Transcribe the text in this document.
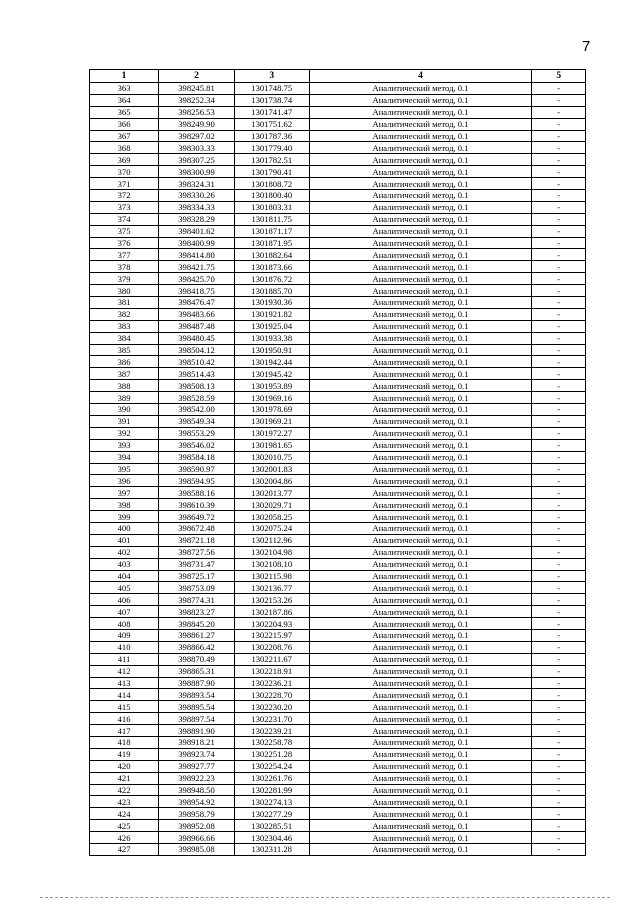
7
1	2	3	4	5
363	398245.81	1301748.75	Аналитический метод, 0.1	-
364	398252.34	1301738.74	Аналитический метод, 0.1	-
365	398256.53	1301741.47	Аналитический метод, 0.1	-
366	398249.90	1301751.62	Аналитический метод, 0.1	-
367	398297.02	1301787.36	Аналитический метод, 0.1	-
368	398303.33	1301779.40	Аналитический метод, 0.1	-
369	398307.25	1301782.51	Аналитический метод, 0.1	-
370	398300.99	1301790.41	Аналитический метод, 0.1	-
371	398324.31	1301808.72	Аналитический метод, 0.1	-
372	398330.26	1301800.40	Аналитический метод, 0.1	-
373	398334.33	1301803.31	Аналитический метод, 0.1	-
374	398328.29	1301811.75	Аналитический метод, 0.1	-
375	398401.62	1301871.17	Аналитический метод, 0.1	-
376	398400.99	1301871.95	Аналитический метод, 0.1	-
377	398414.80	1301882.64	Аналитический метод, 0.1	-
378	398421.75	1301873.66	Аналитический метод, 0.1	-
379	398425.70	1301876.72	Аналитический метод, 0.1	-
380	398418.75	1301885.70	Аналитический метод, 0.1	-
381	398476.47	1301930.36	Аналитический метод, 0.1	-
382	398483.66	1301921.82	Аналитический метод, 0.1	-
383	398487.48	1301925.04	Аналитический метод, 0.1	-
384	398480.45	1301933.38	Аналитический метод, 0.1	-
385	398504.12	1301950.91	Аналитический метод, 0.1	-
386	398510.42	1301942.44	Аналитический метод, 0.1	-
387	398514.43	1301945.42	Аналитический метод, 0.1	-
388	398508.13	1301953.89	Аналитический метод, 0.1	-
389	398528.59	1301969.16	Аналитический метод, 0.1	-
390	398542.00	1301978.69	Аналитический метод, 0.1	-
391	398549.34	1301969.21	Аналитический метод, 0.1	-
392	398553.29	1301972.27	Аналитический метод, 0.1	-
393	398546.02	1301981.65	Аналитический метод, 0.1	-
394	398584.18	1302010.75	Аналитический метод, 0.1	-
395	398590.97	1302001.83	Аналитический метод, 0.1	-
396	398594.95	1302004.86	Аналитический метод, 0.1	-
397	398588.16	1302013.77	Аналитический метод, 0.1	-
398	398610.39	1302029.71	Аналитический метод, 0.1	-
399	398649.72	1302058.25	Аналитический метод, 0.1	-
400	398672.48	1302075.24	Аналитический метод, 0.1	-
401	398721.18	1302112.96	Аналитический метод, 0.1	-
402	398727.56	1302104.98	Аналитический метод, 0.1	-
403	398731.47	1302108.10	Аналитический метод, 0.1	-
404	398725.17	1302115.98	Аналитический метод, 0.1	-
405	398753.09	1302136.77	Аналитический метод, 0.1	-
406	398774.31	1302153.26	Аналитический метод, 0.1	-
407	398823.27	1302187.86	Аналитический метод, 0.1	-
408	398845.20	1302204.93	Аналитический метод, 0.1	-
409	398861.27	1302215.97	Аналитический метод, 0.1	-
410	398866.42	1302208.76	Аналитический метод, 0.1	-
411	398870.49	1302211.67	Аналитический метод, 0.1	-
412	398865.31	1302218.91	Аналитический метод, 0.1	-
413	398887.90	1302236.21	Аналитический метод, 0.1	-
414	398893.54	1302228.70	Аналитический метод, 0.1	-
415	398895.54	1302230.20	Аналитический метод, 0.1	-
416	398897.54	1302231.70	Аналитический метод, 0.1	-
417	398891.90	1302239.21	Аналитический метод, 0.1	-
418	398918.21	1302258.78	Аналитический метод, 0.1	-
419	398923.74	1302251.28	Аналитический метод, 0.1	-
420	398927.77	1302254.24	Аналитический метод, 0.1	-
421	398922.23	1302261.76	Аналитический метод, 0.1	-
422	398948.50	1302281.99	Аналитический метод, 0.1	-
423	398954.92	1302274.13	Аналитический метод, 0.1	-
424	398958.79	1302277.29	Аналитический метод, 0.1	-
425	398952.08	1302285.51	Аналитический метод, 0.1	-
426	398966.66	1302304.46	Аналитический метод, 0.1	-
427	398985.08	1302311.28	Аналитический метод, 0.1	-
